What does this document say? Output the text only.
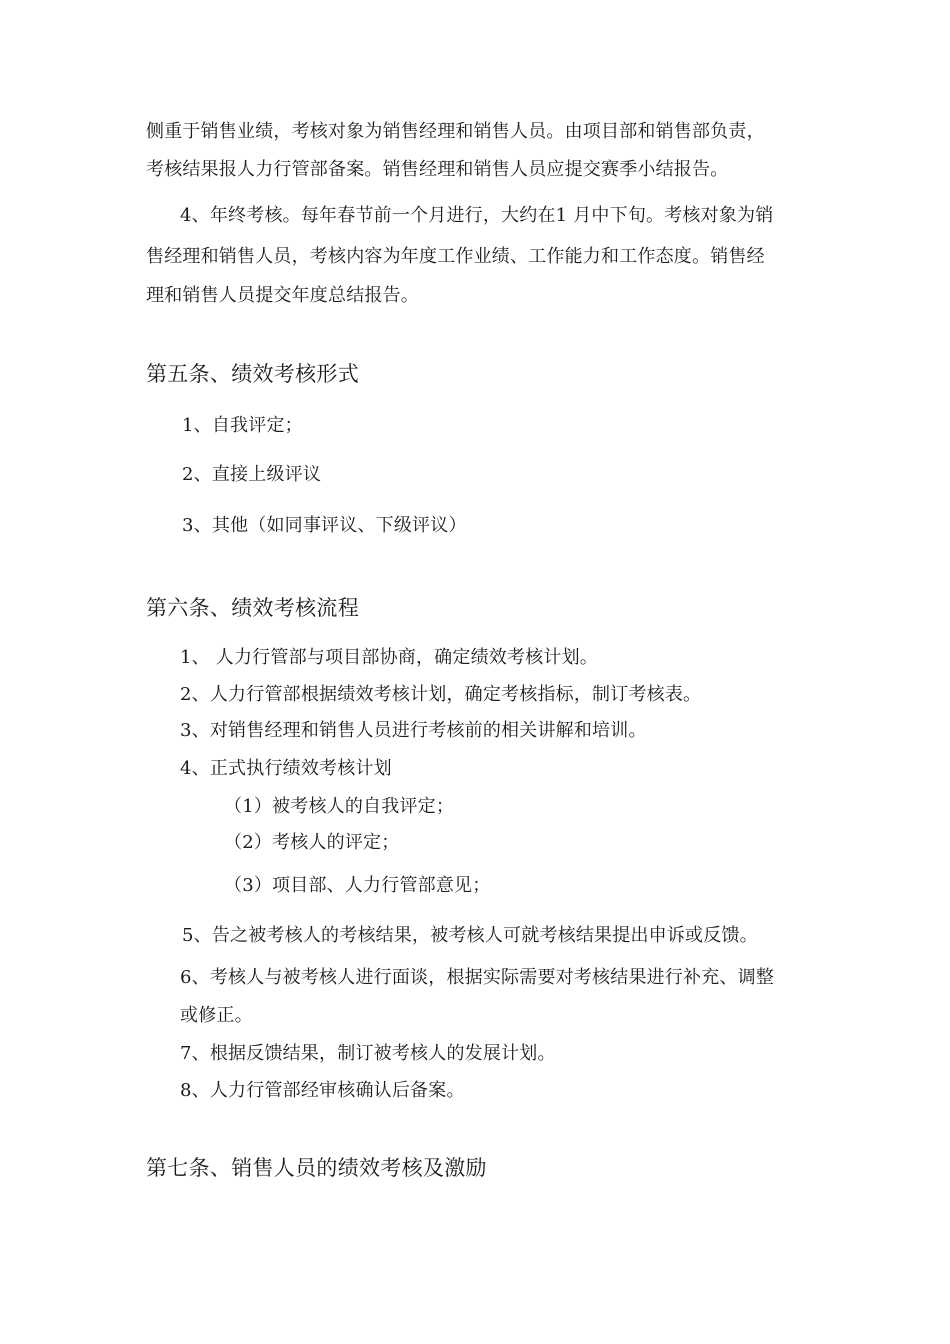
侧重于销售业绩，考核对象为销售经理和销售人员。由项目部和销售部负责，
考核结果报人力行管部备案。销售经理和销售人员应提交赛季小结报告。
4、年终考核。每年春节前一个月进行，大约在1 月中下旬。考核对象为销
售经理和销售人员，考核内容为年度工作业绩、工作能力和工作态度。销售经
理和销售人员提交年度总结报告。
第五条、绩效考核形式
1、自我评定；
2、直接上级评议
3、其他（如同事评议、下级评议）
第六条、绩效考核流程
1、 人力行管部与项目部协商，确定绩效考核计划。
2、人力行管部根据绩效考核计划，确定考核指标，制订考核表。
3、对销售经理和销售人员进行考核前的相关讲解和培训。
4、正式执行绩效考核计划
（1）被考核人的自我评定；
（2）考核人的评定；
（3）项目部、人力行管部意见；
5、告之被考核人的考核结果，被考核人可就考核结果提出申诉或反馈。
6、考核人与被考核人进行面谈，根据实际需要对考核结果进行补充、调整
或修正。
7、根据反馈结果，制订被考核人的发展计划。
8、人力行管部经审核确认后备案。
第七条、销售人员的绩效考核及激励
